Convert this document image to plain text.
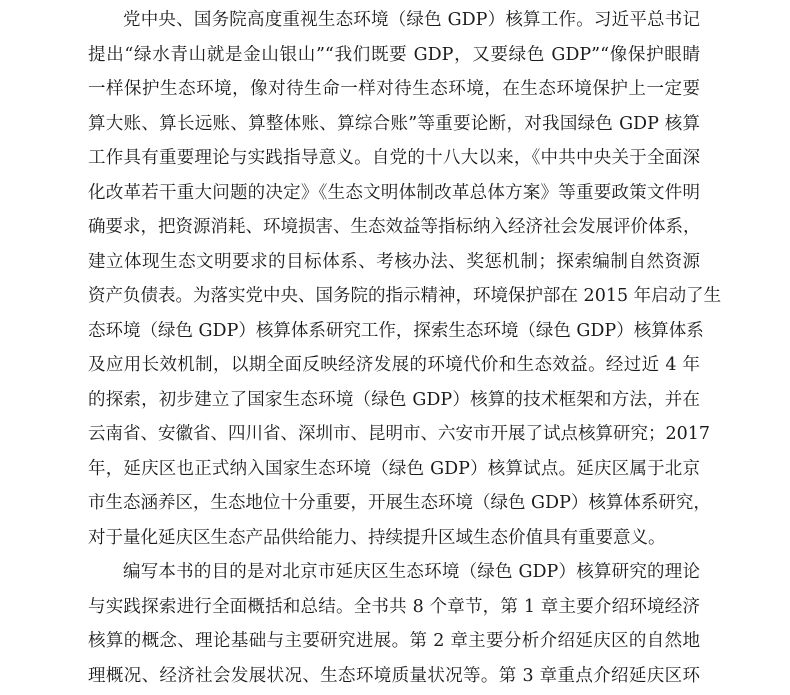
党中央、国务院高度重视生态环境（绿色 GDP）核算工作。习近平总书记
提出“绿水青山就是金山银山”“我们既要 GDP，又要绿色 GDP”“像保护眼睛
一样保护生态环境，像对待生命一样对待生态环境，在生态环境保护上一定要
算大账、算长远账、算整体账、算综合账”等重要论断，对我国绿色 GDP 核算
工作具有重要理论与实践指导意义。自党的十八大以来，《中共中央关于全面深
化改革若干重大问题的决定》《生态文明体制改革总体方案》等重要政策文件明
确要求，把资源消耗、环境损害、生态效益等指标纳入经济社会发展评价体系，
建立体现生态文明要求的目标体系、考核办法、奖惩机制；探索编制自然资源
资产负债表。为落实党中央、国务院的指示精神，环境保护部在 2015 年启动了生
态环境（绿色 GDP）核算体系研究工作，探索生态环境（绿色 GDP）核算体系
及应用长效机制，以期全面反映经济发展的环境代价和生态效益。经过近 4 年
的探索，初步建立了国家生态环境（绿色 GDP）核算的技术框架和方法，并在
云南省、安徽省、四川省、深圳市、昆明市、六安市开展了试点核算研究；2017
年，延庆区也正式纳入国家生态环境（绿色 GDP）核算试点。延庆区属于北京
市生态涵养区，生态地位十分重要，开展生态环境（绿色 GDP）核算体系研究，
对于量化延庆区生态产品供给能力、持续提升区域生态价值具有重要意义。
编写本书的目的是对北京市延庆区生态环境（绿色 GDP）核算研究的理论
与实践探索进行全面概括和总结。全书共 8 个章节，第 1 章主要介绍环境经济
核算的概念、理论基础与主要研究进展。第 2 章主要分析介绍延庆区的自然地
理概况、经济社会发展状况、生态环境质量状况等。第 3 章重点介绍延庆区环
